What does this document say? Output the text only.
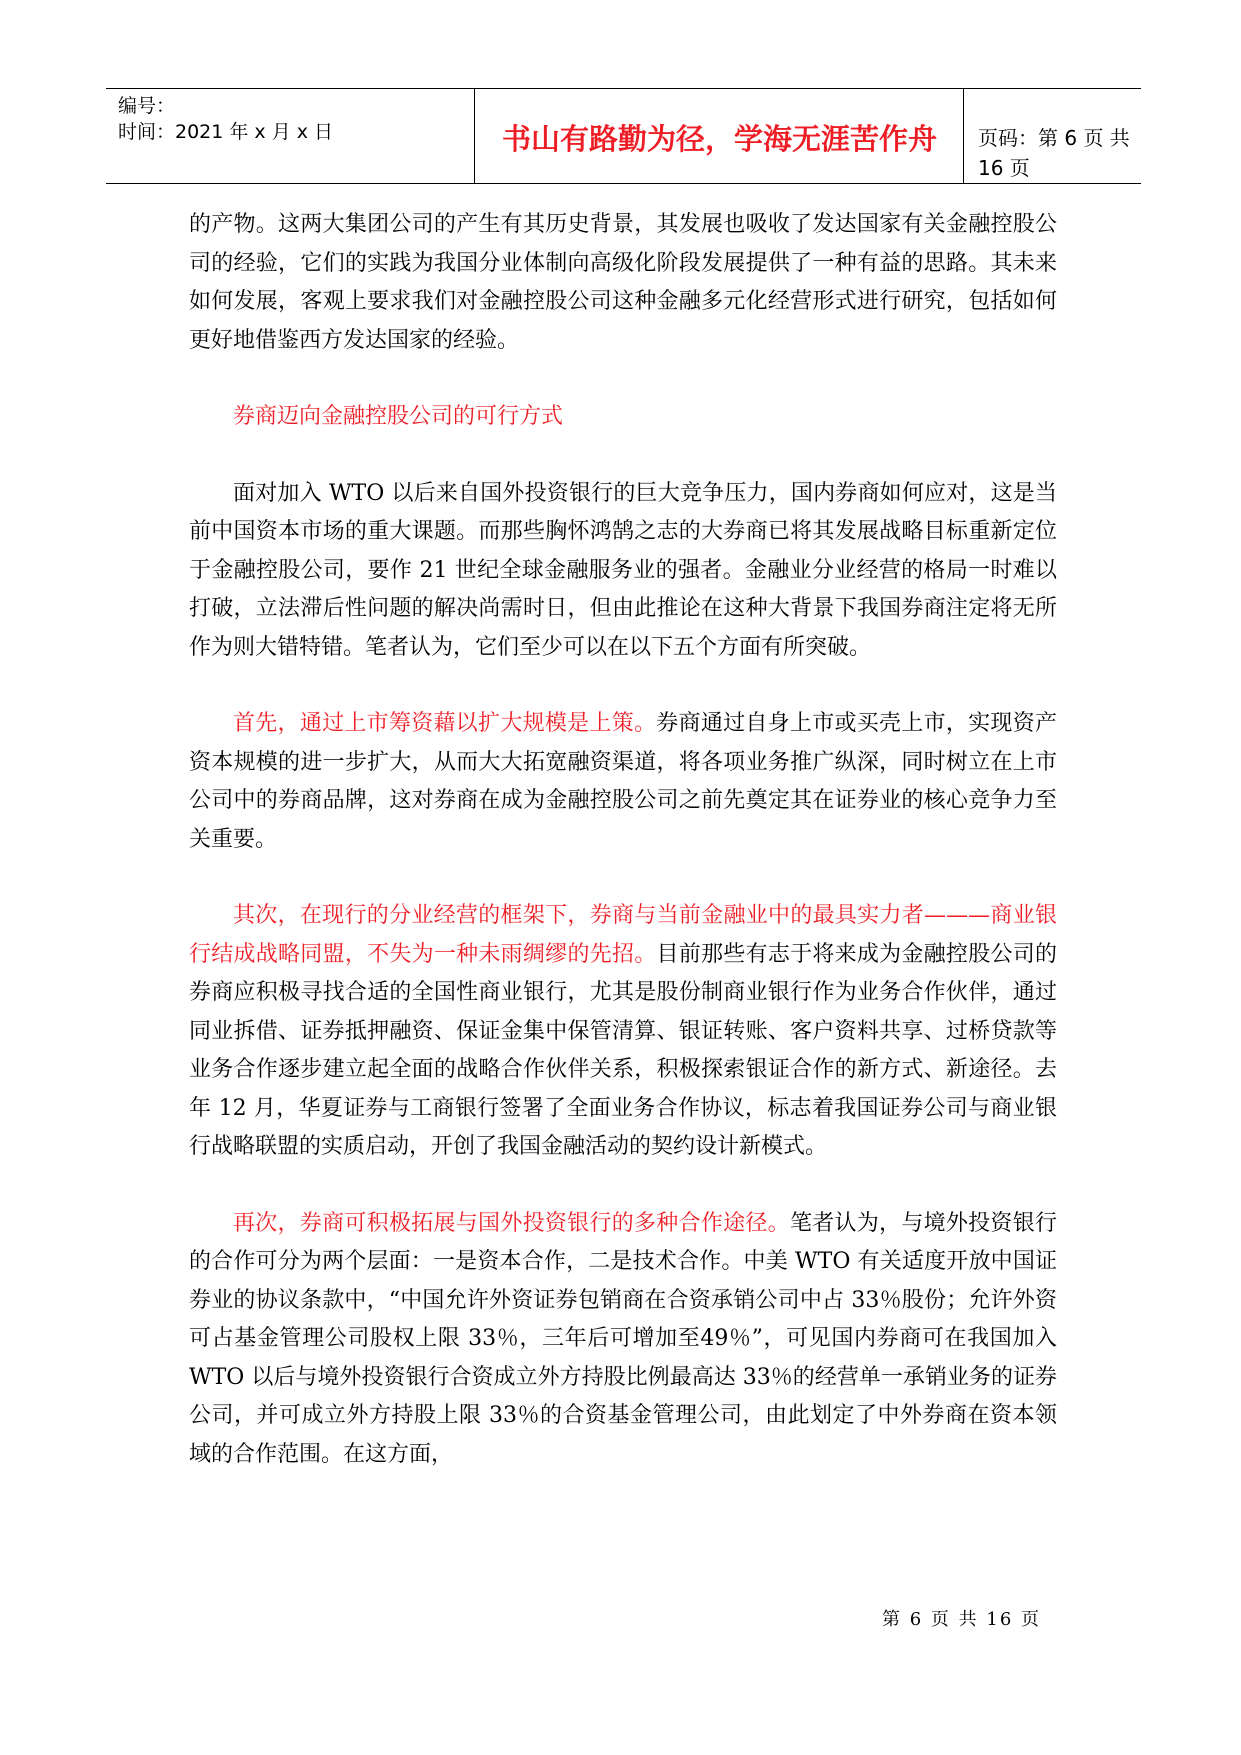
编号：
时间：2021 年 x 月 x 日	书山有路勤为径，学海无涯苦作舟	页码：第 6 页 共 16 页

的产物。这两大集团公司的产生有其历史背景，其发展也吸收了发达国家有关金融控股公司的经验，它们的实践为我国分业体制向高级化阶段发展提供了一种有益的思路。其未来如何发展，客观上要求我们对金融控股公司这种金融多元化经营形式进行研究，包括如何更好地借鉴西方发达国家的经验。

券商迈向金融控股公司的可行方式

面对加入 WTO 以后来自国外投资银行的巨大竞争压力，国内券商如何应对，这是当前中国资本市场的重大课题。而那些胸怀鸿鹄之志的大券商已将其发展战略目标重新定位于金融控股公司，要作 21 世纪全球金融服务业的强者。金融业分业经营的格局一时难以打破，立法滞后性问题的解决尚需时日，但由此推论在这种大背景下我国券商注定将无所作为则大错特错。笔者认为，它们至少可以在以下五个方面有所突破。

首先，通过上市筹资藉以扩大规模是上策。券商通过自身上市或买壳上市，实现资产资本规模的进一步扩大，从而大大拓宽融资渠道，将各项业务推广纵深，同时树立在上市公司中的券商品牌，这对券商在成为金融控股公司之前先奠定其在证券业的核心竞争力至关重要。

其次，在现行的分业经营的框架下，券商与当前金融业中的最具实力者———商业银行结成战略同盟，不失为一种未雨绸缪的先招。目前那些有志于将来成为金融控股公司的券商应积极寻找合适的全国性商业银行，尤其是股份制商业银行作为业务合作伙伴，通过同业拆借、证券抵押融资、保证金集中保管清算、银证转账、客户资料共享、过桥贷款等业务合作逐步建立起全面的战略合作伙伴关系，积极探索银证合作的新方式、新途径。去年 12 月，华夏证券与工商银行签署了全面业务合作协议，标志着我国证券公司与商业银行战略联盟的实质启动，开创了我国金融活动的契约设计新模式。

再次，券商可积极拓展与国外投资银行的多种合作途径。笔者认为，与境外投资银行的合作可分为两个层面：一是资本合作，二是技术合作。中美 WTO 有关适度开放中国证券业的协议条款中，“中国允许外资证券包销商在合资承销公司中占 33％股份；允许外资可占基金管理公司股权上限 33％，三年后可增加至49％”，可见国内券商可在我国加入 WTO 以后与境外投资银行合资成立外方持股比例最高达 33％的经营单一承销业务的证券公司，并可成立外方持股上限 33％的合资基金管理公司，由此划定了中外券商在资本领域的合作范围。在这方面，

第 6 页 共 16 页
